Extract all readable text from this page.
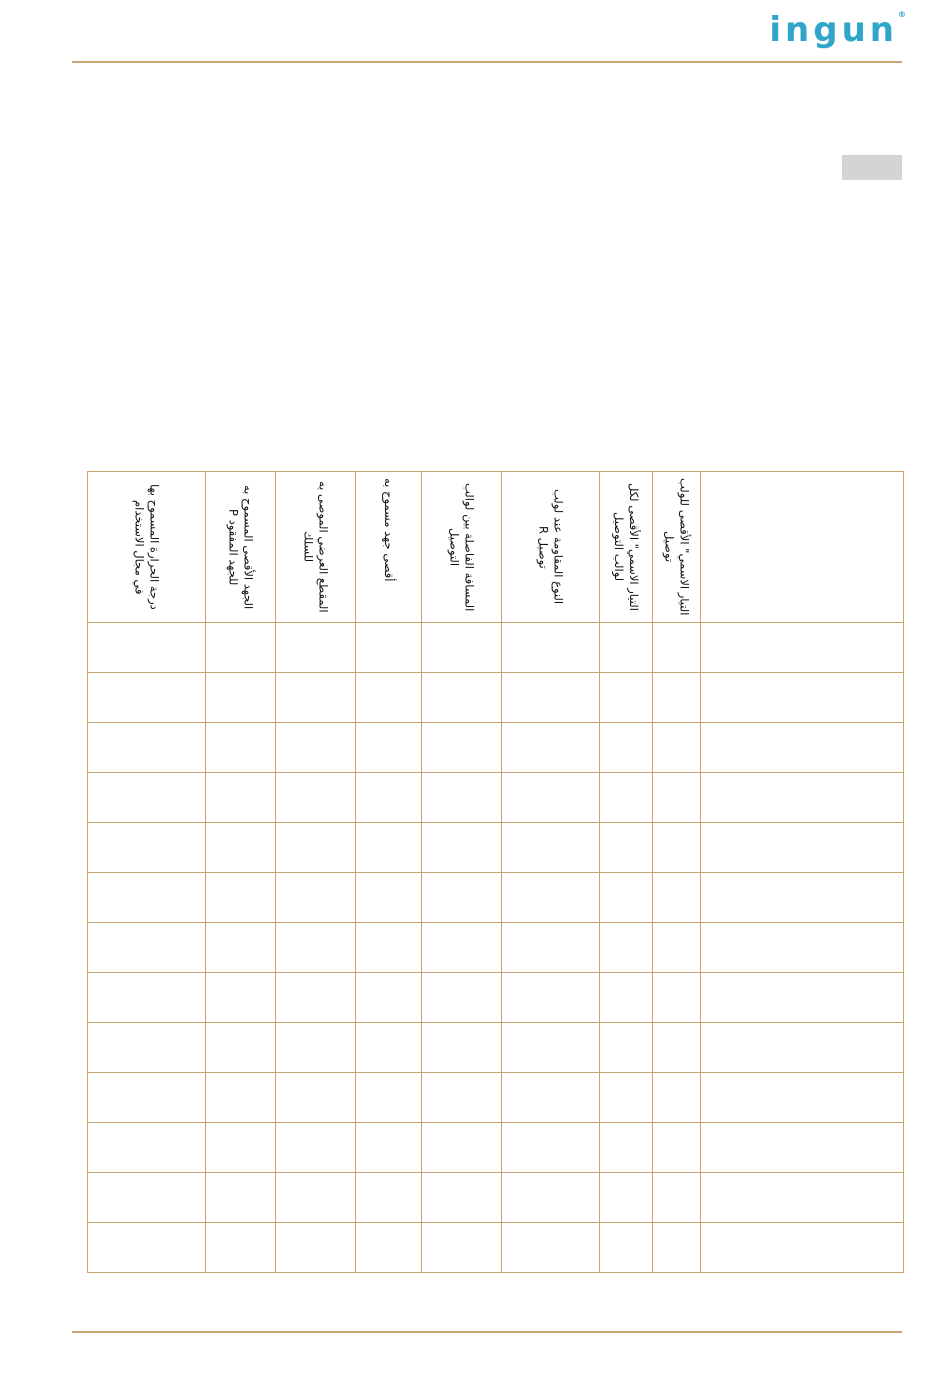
ingun®
درجة الحرارة المسموح بها في مجال الاستخدام	الجهد الأقصى المسموح به للجهد المفقود P	المقطع العرضي الموصى به للسلك	أقصى جهد مسموح به	المسافة الفاصلة بين لوالب التوصيل	النوع المقاومة عند لولب توصيل R	التيار الاسمي" الأقصى لكل لوالب التوصيل	التيار الاسمي" الأقصى للولب توصيل	
